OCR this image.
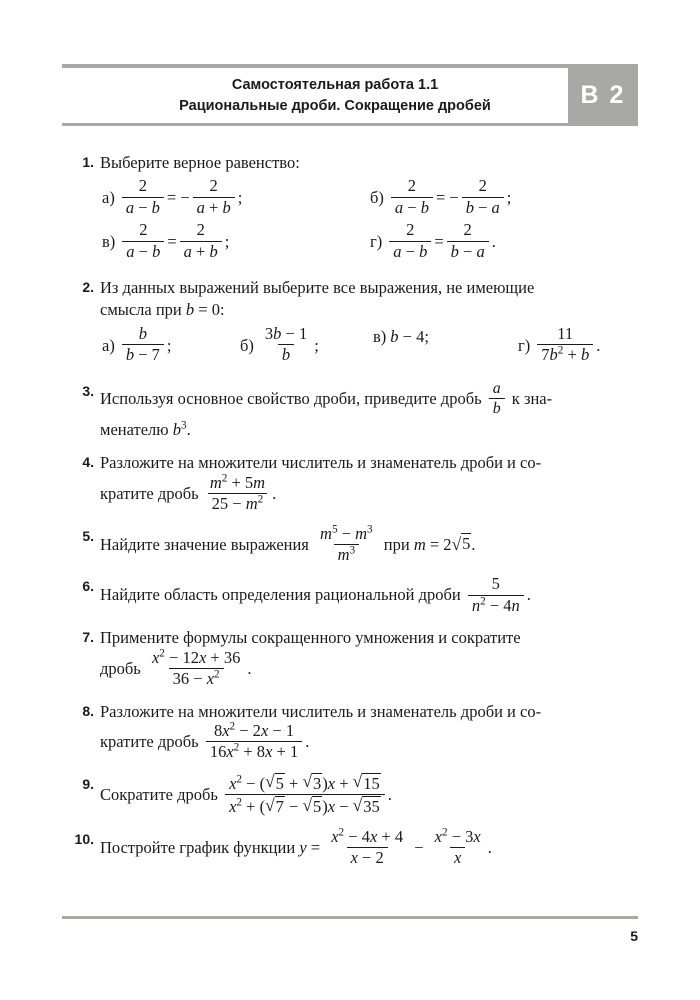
Самостоятельная работа 1.1
Рациональные дроби. Сокращение дробей	В 2
1. Выберите верное равенство:
$а) \frac{2}{a - b}$ = − $\frac{2}{a + b}$ ;	$б) \frac{2}{a - b}$ = − $\frac{2}{b - a}$ ;
$в) \frac{2}{a - b} = \frac{2}{a + b}$ ;	$г) \frac{2}{a - b} = \frac{2}{b - a}$ .
2. Из данных выражений выберите все выражения, не имеющие
смысла при b = 0:
$а) \frac{b}{b - 7}$ ;	$б) \frac{3b - 1}{b}$ ;	в) b − 4;	$г) \frac{11}{7b^2 + b}$ .
3. Используя основное свойство дроби, приведите дробь $\frac{a}{b}$ к зна-
менателю $b^3$.
4. Разложите на множители числитель и знаменатель дроби и со-
кратите дробь $\frac{m^2 + 5m}{25 - m^2}$ .
5. Найдите значение выражения $\frac{m^5 - m^3}{m^3}$ при m = 2 √ 5.
6. Найдите область определения рациональной дроби $\frac{5}{n^2 - 4n}$ .
7. Примените формулы сокращенного умножения и сократите
дробь $\frac{x^2 - 12x + 36}{36 - x^2}$ .
8. Разложите на множители числитель и знаменатель дроби и со-
кратите дробь $\frac{8x^2 - 2x - 1}{16x^2 + 8x + 1}$ .
9.
Сократите дробь $\frac{x^2 - ( √ 5 + √ 3)x + √ 15}{x^2 + ( √ 7 - √ 5)x - √ 35}$ .
10. Постройте график функции $y = \frac{x^2 - 4x + 4}{x - 2} - \frac{x^2 - 3x}{x}$ .
5
